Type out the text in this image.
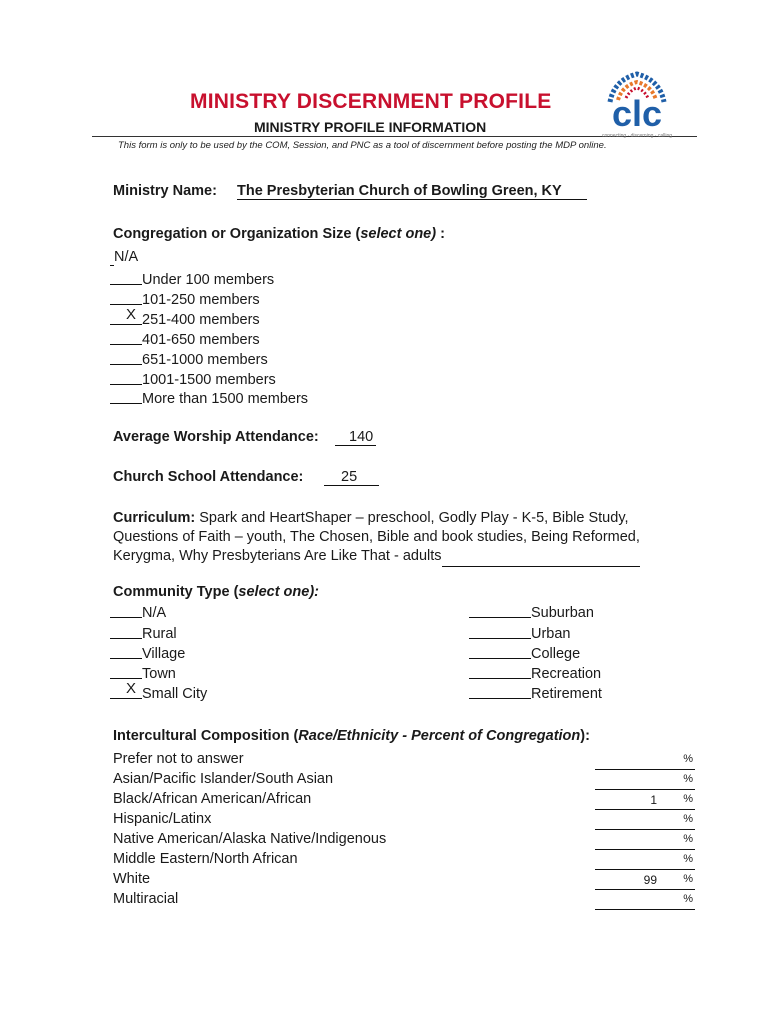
MINISTRY DISCERNMENT PROFILE
MINISTRY PROFILE INFORMATION
This form is only to be used by the COM, Session, and PNC as a tool of discernment before posting the MDP online.
clc
connecting · discerning · calling
Ministry Name: The Presbyterian Church of Bowling Green, KY
Congregation or Organization Size (select one) :
N/A
Under 100 members
101-250 members
X 251-400 members
401-650 members
651-1000 members
1001-1500 members
More than 1500 members
Average Worship Attendance:	140
Church School Attendance:	25
Curriculum: Spark and HeartShaper – preschool, Godly Play - K-5, Bible Study,
Questions of Faith – youth, The Chosen, Bible and book studies, Being Reformed,
Kerygma, Why Presbyterians Are Like That - adults
Community Type (select one):
N/A
Rural
Village
Town
X Small City
Suburban
Urban
College
Recreation
Retirement
Intercultural Composition (Race/Ethnicity - Percent of Congregation):
Prefer not to answer	%
Asian/Pacific Islander/South Asian	%
Black/African American/African	1 %
Hispanic/Latinx	%
Native American/Alaska Native/Indigenous	%
Middle Eastern/North African	%
White	99 %
Multiracial	%
